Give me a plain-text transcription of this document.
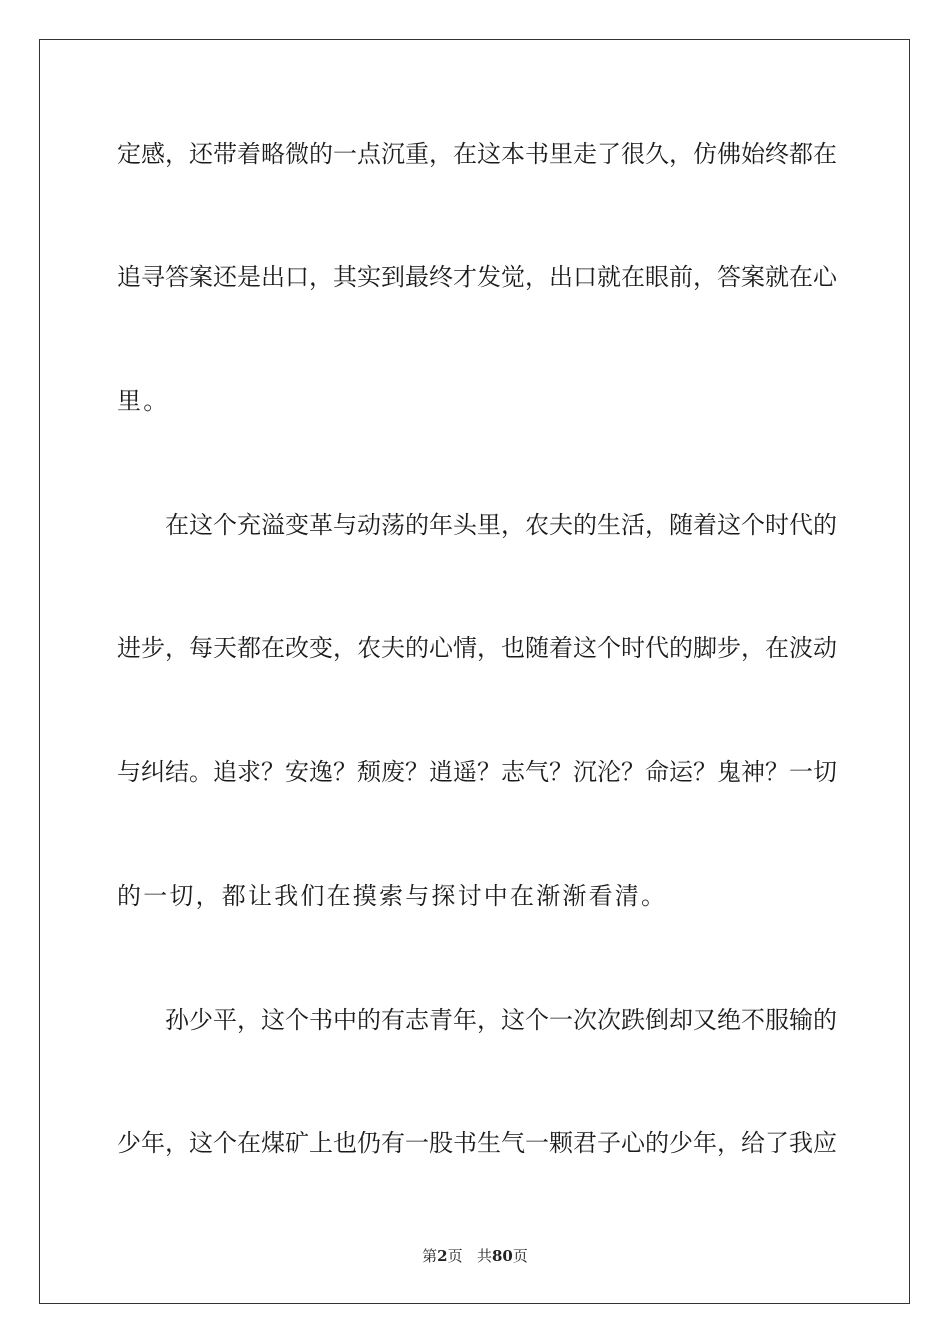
定感，还带着略微的一点沉重，在这本书里走了很久，仿佛始终都在
追寻答案还是出口，其实到最终才发觉，出口就在眼前，答案就在心
里。
在这个充溢变革与动荡的年头里，农夫的生活，随着这个时代的
进步，每天都在改变，农夫的心情，也随着这个时代的脚步，在波动
与纠结。追求？安逸？颓废？逍遥？志气？沉沦？命运？鬼神？一切
的一切，都让我们在摸索与探讨中在渐渐看清。
孙少平，这个书中的有志青年，这个一次次跌倒却又绝不服输的
少年，这个在煤矿上也仍有一股书生气一颗君子心的少年，给了我应
第2页 共80页
